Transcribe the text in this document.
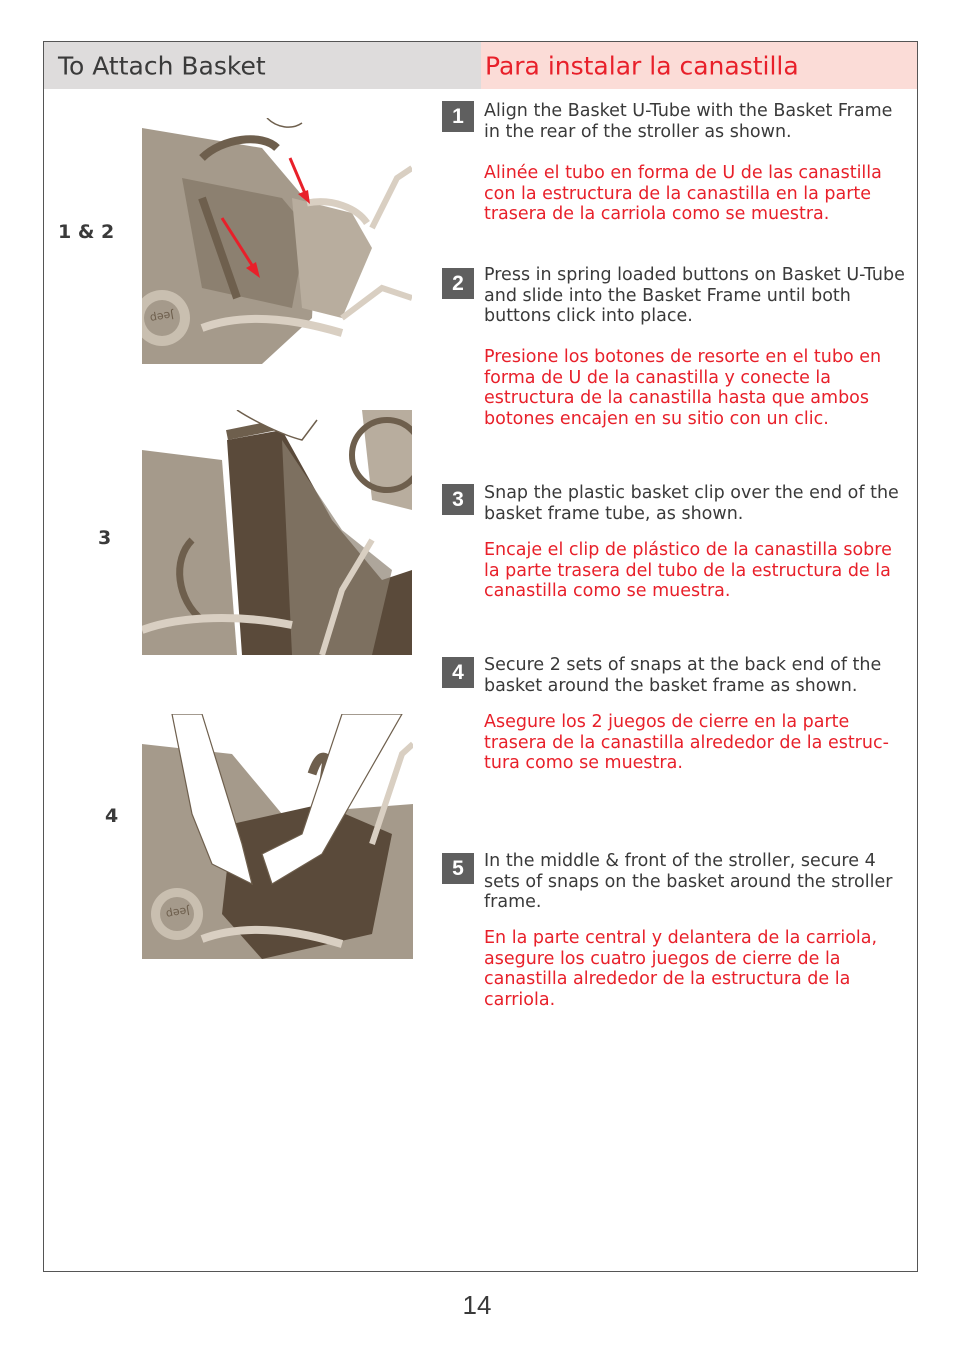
To Attach Basket	Para instalar la canastilla
1 & 2
3
4
Jeep
Jeep
1	Align the Basket U-Tube with the Basket Frame in the rear of the stroller as shown.

Alinée el tubo en forma de U de las canastilla con la estructura de la canastilla en la parte trasera de la carriola como se muestra.

2	Press in spring loaded buttons on Basket U-Tube and slide into the Basket Frame until both buttons click into place.

Presione los botones de resorte en el tubo en forma de U de la canastilla y conecte la estructura de la canastilla hasta que ambos botones encajen en su sitio con un clic.

3	Snap the plastic basket clip over the end of the basket frame tube, as shown.

Encaje el clip de plástico de la canastilla sobre la parte trasera del tubo de la estructura de la canastilla como se muestra.

4	Secure 2 sets of snaps at the back end of the basket around the basket frame as shown.

Asegure los 2 juegos de cierre en la parte trasera de la canastilla alrededor de la estruc-tura como se muestra.

5	In the middle & front of the stroller, secure 4 sets of snaps on the basket around the stroller frame.

En la parte central y delantera de la carriola, asegure los cuatro juegos de cierre de la canastilla alrededor de la estructura de la carriola.

14
